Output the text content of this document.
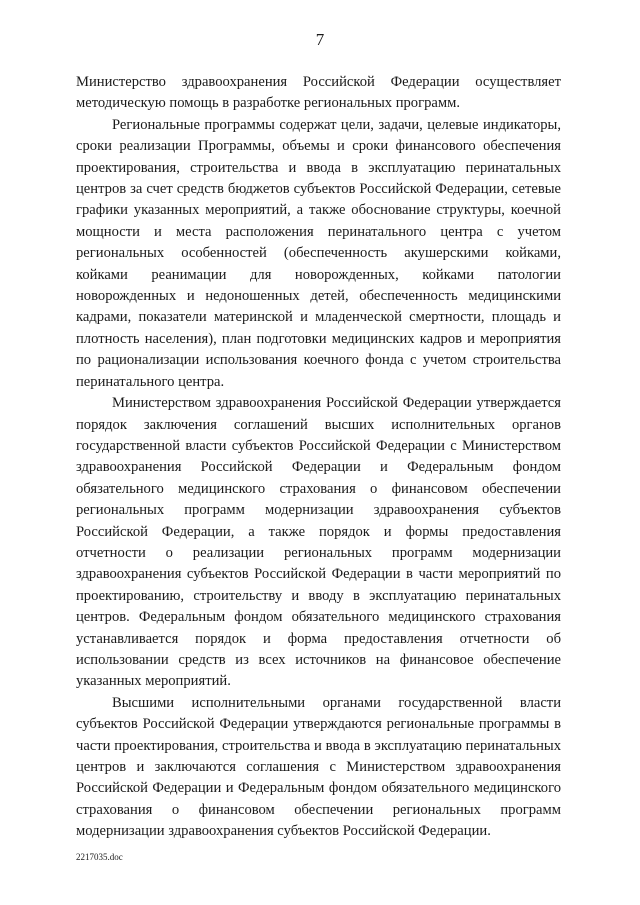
7

Министерство здравоохранения Российской Федерации осуществляет методическую помощь в разработке региональных программ.

Региональные программы содержат цели, задачи, целевые индикаторы, сроки реализации Программы, объемы и сроки финансового обеспечения проектирования, строительства и ввода в эксплуатацию перинатальных центров за счет средств бюджетов субъектов Российской Федерации, сетевые графики указанных мероприятий, а также обоснование структуры, коечной мощности и места расположения перинатального центра с учетом региональных особенностей (обеспеченность акушерскими койками, койками реанимации для новорожденных, койками патологии новорожденных и недоношенных детей, обеспеченность медицинскими кадрами, показатели материнской и младенческой смертности, площадь и плотность населения), план подготовки медицинских кадров и мероприятия по рационализации использования коечного фонда с учетом строительства перинатального центра.

Министерством здравоохранения Российской Федерации утверждается порядок заключения соглашений высших исполнительных органов государственной власти субъектов Российской Федерации с Министерством здравоохранения Российской Федерации и Федеральным фондом обязательного медицинского страхования о финансовом обеспечении региональных программ модернизации здравоохранения субъектов Российской Федерации, а также порядок и формы предоставления отчетности о реализации региональных программ модернизации здравоохранения субъектов Российской Федерации в части мероприятий по проектированию, строительству и вводу в эксплуатацию перинатальных центров. Федеральным фондом обязательного медицинского страхования устанавливается порядок и форма предоставления отчетности об использовании средств из всех источников на финансовое обеспечение указанных мероприятий.

Высшими исполнительными органами государственной власти субъектов Российской Федерации утверждаются региональные программы в части проектирования, строительства и ввода в эксплуатацию перинатальных центров и заключаются соглашения с Министерством здравоохранения Российской Федерации и Федеральным фондом обязательного медицинского страхования о финансовом обеспечении региональных программ модернизации здравоохранения субъектов Российской Федерации.

2217035.doc
